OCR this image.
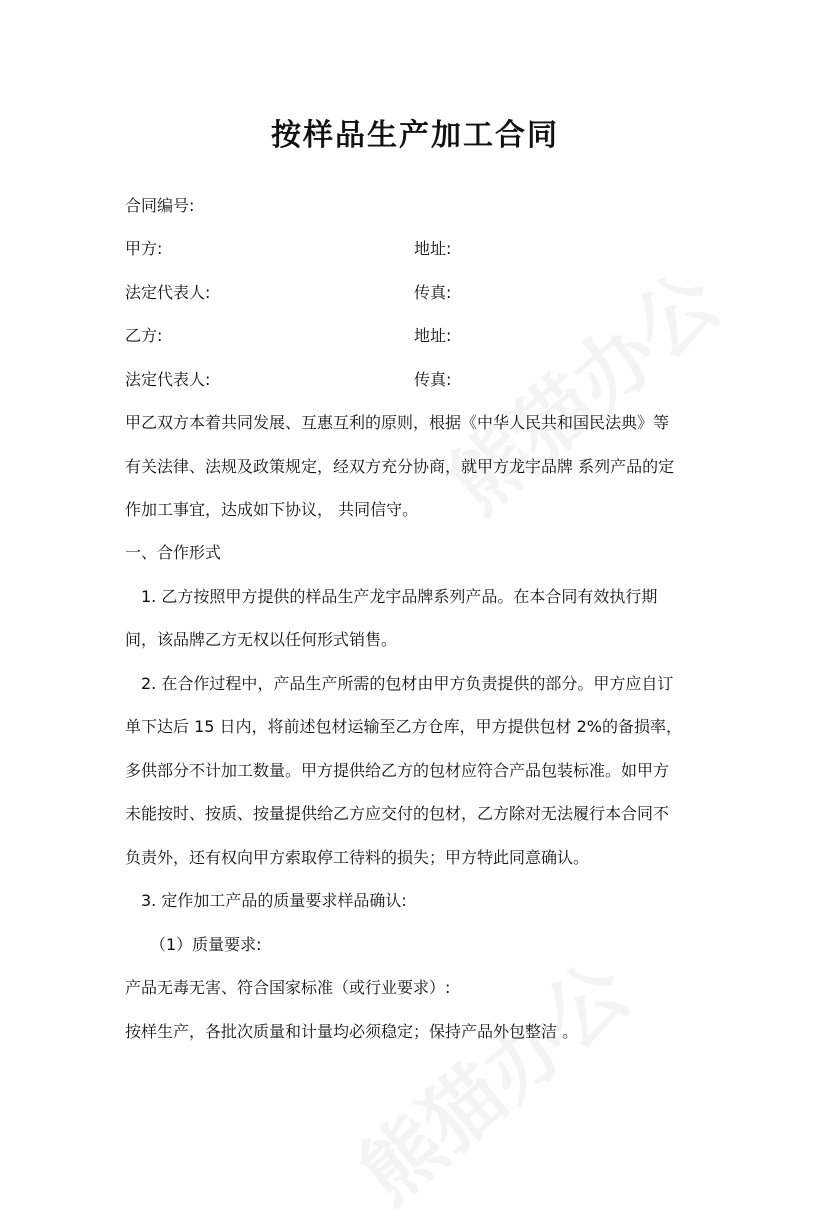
按样品生产加工合同
合同编号:
甲方:	地址:
法定代表人:	传真:
乙方:	地址:
法定代表人:	传真:
甲乙双方本着共同发展、互惠互利的原则，根据《中华人民共和国民法典》等
有关法律、法规及政策规定，经双方充分协商，就甲方龙宇品牌 系列产品的定
作加工事宜，达成如下协议， 共同信守。
一、合作形式
1. 乙方按照甲方提供的样品生产龙宇品牌系列产品。在本合同有效执行期
间，该品牌乙方无权以任何形式销售。
2. 在合作过程中，产品生产所需的包材由甲方负责提供的部分。甲方应自订
单下达后 15 日内，将前述包材运输至乙方仓库，甲方提供包材 2%的备损率，
多供部分不计加工数量。甲方提供给乙方的包材应符合产品包装标准。如甲方
未能按时、按质、按量提供给乙方应交付的包材，乙方除对无法履行本合同不
负责外，还有权向甲方索取停工待料的损失；甲方特此同意确认。
3. 定作加工产品的质量要求样品确认:
（1）质量要求:
产品无毒无害、符合国家标准（或行业要求）:
按样生产，各批次质量和计量均必须稳定；保持产品外包整洁 。
